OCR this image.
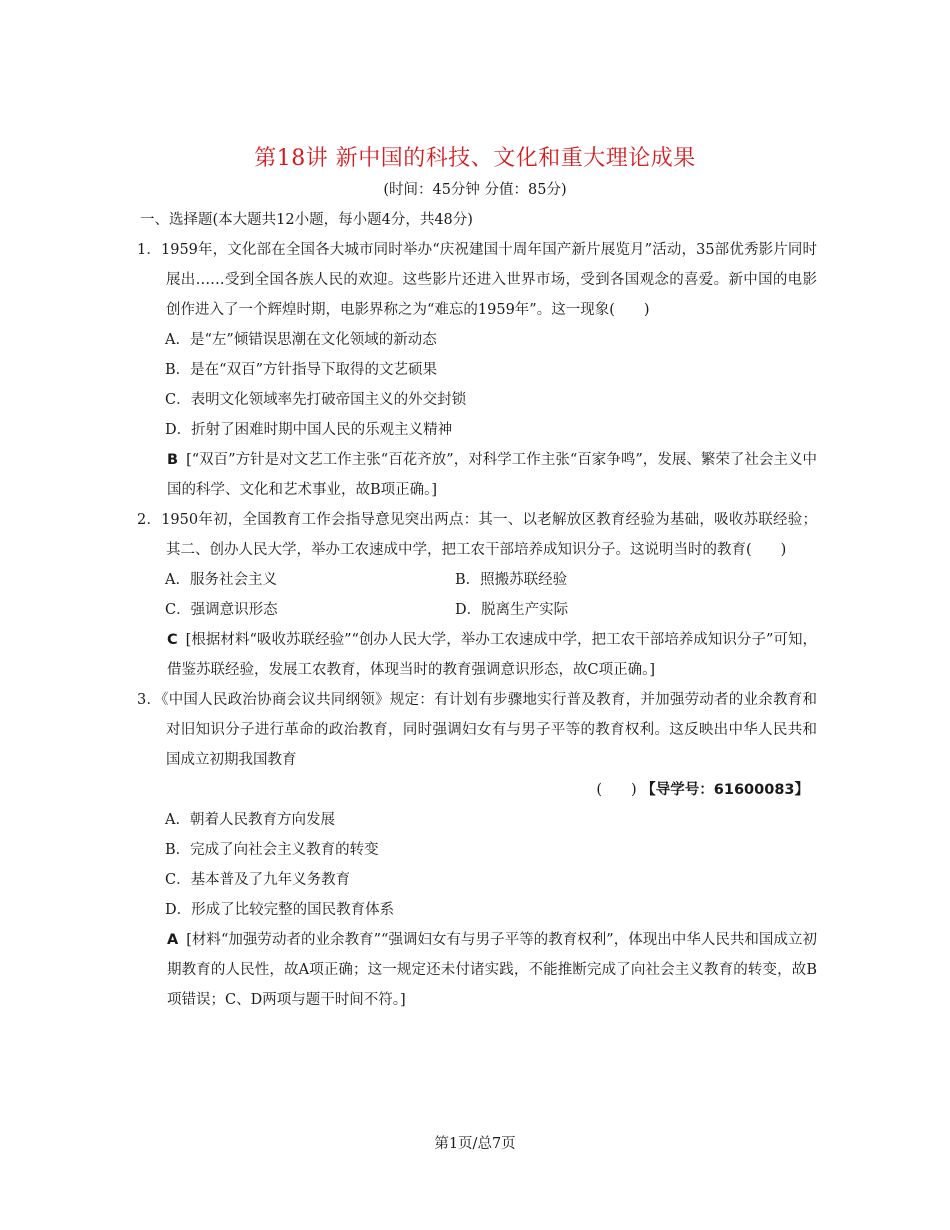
第18讲 新中国的科技、文化和重大理论成果
(时间：45分钟 分值：85分)

一、选择题(本大题共12小题，每小题4分，共48分)

1．1959年，文化部在全国各大城市同时举办“庆祝建国十周年国产新片展览月”活动，35部优秀影片同时展出……受到全国各族人民的欢迎。这些影片还进入世界市场，受到各国观念的喜爱。新中国的电影创作进入了一个辉煌时期，电影界称之为“难忘的1959年”。这一现象(　　)

A．是“左”倾错误思潮在文化领域的新动态

B．是在“双百”方针指导下取得的文艺硕果

C．表明文化领域率先打破帝国主义的外交封锁

D．折射了困难时期中国人民的乐观主义精神

B [“双百”方针是对文艺工作主张“百花齐放”，对科学工作主张“百家争鸣”，发展、繁荣了社会主义中国的科学、文化和艺术事业，故B项正确。]

2．1950年初，全国教育工作会指导意见突出两点：其一、以老解放区教育经验为基础，吸收苏联经验；其二、创办人民大学，举办工农速成中学，把工农干部培养成知识分子。这说明当时的教育(　　)

A．服务社会主义	B．照搬苏联经验
C．强调意识形态	D．脱离生产实际

C [根据材料“吸收苏联经验”“创办人民大学，举办工农速成中学，把工农干部培养成知识分子”可知，借鉴苏联经验，发展工农教育，体现当时的教育强调意识形态，故C项正确。]

3．《中国人民政治协商会议共同纲领》规定：有计划有步骤地实行普及教育，并加强劳动者的业余教育和对旧知识分子进行革命的政治教育，同时强调妇女有与男子平等的教育权利。这反映出中华人民共和国成立初期我国教育

(　　) 【导学号：61600083】

A．朝着人民教育方向发展

B．完成了向社会主义教育的转变

C．基本普及了九年义务教育

D．形成了比较完整的国民教育体系

A [材料“加强劳动者的业余教育”“强调妇女有与男子平等的教育权利”，体现出中华人民共和国成立初期教育的人民性，故A项正确；这一规定还未付诸实践，不能推断完成了向社会主义教育的转变，故B项错误；C、D两项与题干时间不符。]

第1页/总7页
